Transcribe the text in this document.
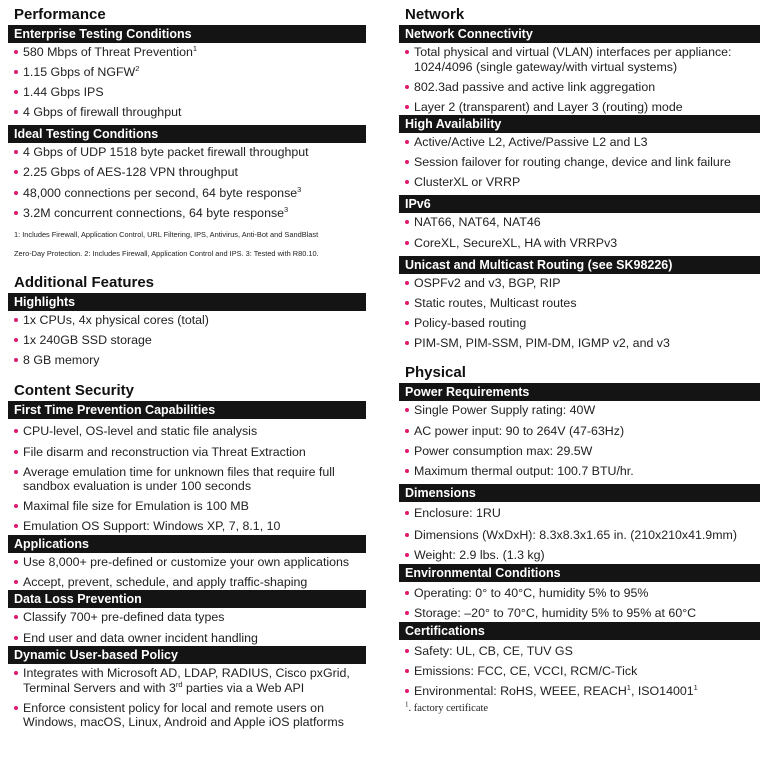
Performance
Enterprise Testing Conditions
580 Mbps of Threat Prevention$^1$
1.15 Gbps of NGFW$^2$
1.44 Gbps IPS
4 Gbps of firewall throughput
Ideal Testing Conditions
4 Gbps of UDP 1518 byte packet firewall throughput
2.25 Gbps of AES-128 VPN throughput
48,000 connections per second, 64 byte response$^3$
3.2M concurrent connections, 64 byte response$^3$
1: Includes Firewall, Application Control, URL Filtering, IPS, Antivirus, Anti-Bot and SandBlast
Zero-Day Protection. 2: Includes Firewall, Application Control and IPS. 3: Tested with R80.10.
Additional Features
Highlights
1x CPUs, 4x physical cores (total)
1x 240GB SSD storage
8 GB memory
Content Security
First Time Prevention Capabilities
CPU-level, OS-level and static file analysis
File disarm and reconstruction via Threat Extraction
Average emulation time for unknown files that require full sandbox evaluation is under 100 seconds
Maximal file size for Emulation is 100 MB
Emulation OS Support: Windows XP, 7, 8.1, 10
Applications
Use 8,000+ pre-defined or customize your own applications
Accept, prevent, schedule, and apply traffic-shaping
Data Loss Prevention
Classify 700+ pre-defined data types
End user and data owner incident handling
Dynamic User-based Policy
Integrates with Microsoft AD, LDAP, RADIUS, Cisco pxGrid, Terminal Servers and with 3rd parties via a Web API
Enforce consistent policy for local and remote users on Windows, macOS, Linux, Android and Apple iOS platforms
Network
Network Connectivity
Total physical and virtual (VLAN) interfaces per appliance: 1024/4096 (single gateway/with virtual systems)
802.3ad passive and active link aggregation
Layer 2 (transparent) and Layer 3 (routing) mode
High Availability
Active/Active L2, Active/Passive L2 and L3
Session failover for routing change, device and link failure
ClusterXL or VRRP
IPv6
NAT66, NAT64, NAT46
CoreXL, SecureXL, HA with VRRPv3
Unicast and Multicast Routing (see SK98226)
OSPFv2 and v3, BGP, RIP
Static routes, Multicast routes
Policy-based routing
PIM-SM, PIM-SSM, PIM-DM, IGMP v2, and v3
Physical
Power Requirements
Single Power Supply rating: 40W
AC power input: 90 to 264V (47-63Hz)
Power consumption max: 29.5W
Maximum thermal output: 100.7 BTU/hr.
Dimensions
Enclosure: 1RU
Dimensions (WxDxH): 8.3x8.3x1.65 in. (210x210x41.9mm)
Weight: 2.9 lbs. (1.3 kg)
Environmental Conditions
Operating: 0° to 40°C, humidity 5% to 95%
Storage: –20° to 70°C, humidity 5% to 95% at 60°C
Certifications
Safety: UL, CB, CE, TUV GS
Emissions: FCC, CE, VCCI, RCM/C-Tick
Environmental: RoHS, WEEE, REACH$^1$, ISO14001$^1$
$^1$. factory certificate
